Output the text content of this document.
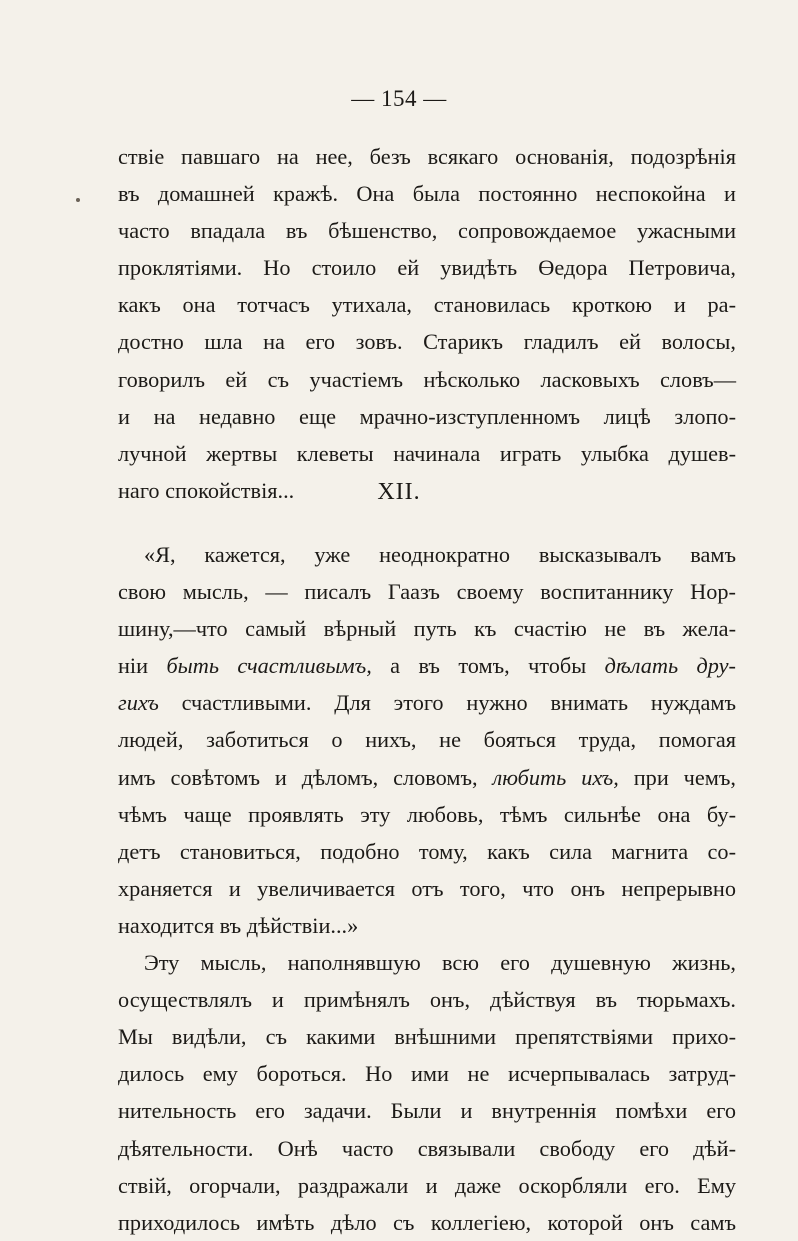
— 154 —
ствіе павшаго на нее, безъ всякаго основанія, подозрѣнія
въ домашней кражѣ. Она была постоянно неспокойна и
часто впадала въ бѣшенство, сопровождаемое ужасными
проклятіями. Но стоило ей увидѣть Өедора Петровича,
какъ она тотчасъ утихала, становилась кроткою и ра-
достно шла на его зовъ. Старикъ гладилъ ей волосы,
говорилъ ей съ участіемъ нѣсколько ласковыхъ словъ—
и на недавно еще мрачно-изступленномъ лицѣ злопо-
лучной жертвы клеветы начинала играть улыбка душев-
наго спокойствія...	XII.
«Я, кажется, уже неоднократно высказывалъ вамъ
свою мысль, — писалъ Гаазъ своему воспитаннику Нор-
шину,—что самый вѣрный путь къ счастію не въ жела-
ніи быть счастливымъ, а въ томъ, чтобы дѣлать дру-
гихъ счастливыми. Для этого нужно внимать нуждамъ
людей, заботиться о нихъ, не бояться труда, помогая
имъ совѣтомъ и дѣломъ, словомъ, любить ихъ, при чемъ,
чѣмъ чаще проявлять эту любовь, тѣмъ сильнѣе она бу-
детъ становиться, подобно тому, какъ сила магнита со-
храняется и увеличивается отъ того, что онъ непрерывно
находится въ дѣйствіи...»
Эту мысль, наполнявшую всю его душевную жизнь,
осуществлялъ и примѣнялъ онъ, дѣйствуя въ тюрьмахъ.
Мы видѣли, съ какими внѣшними препятствіями прихо-
дилось ему бороться. Но ими не исчерпывалась затруд-
нительность его задачи. Были и внутреннія помѣхи его
дѣятельности. Онѣ часто связывали свободу его дѣй-
ствій, огорчали, раздражали и даже оскорбляли его. Ему
приходилось имѣть дѣло съ коллегіею, которой онъ самъ
